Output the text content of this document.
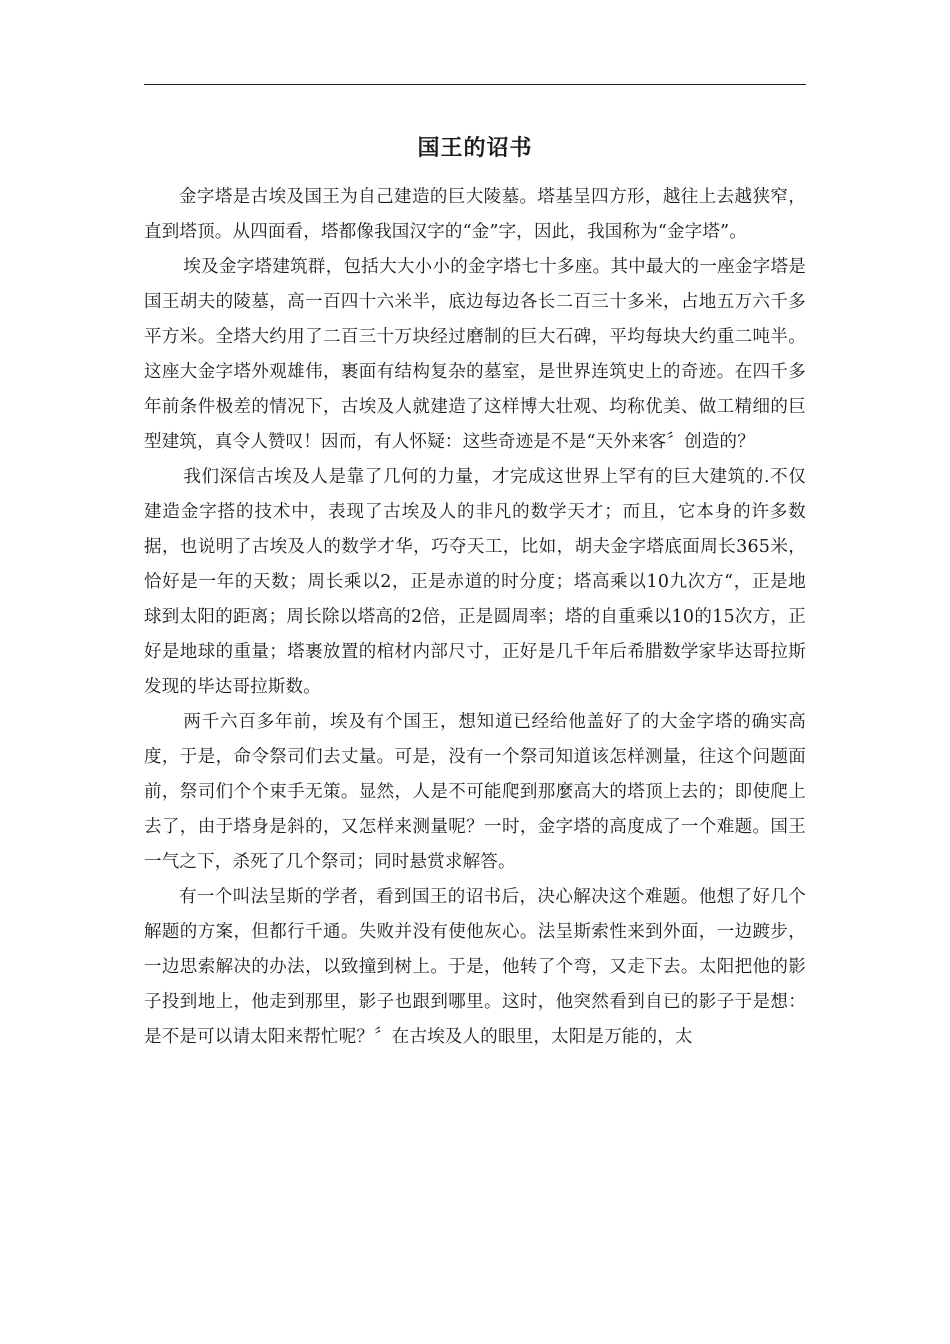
国王的诏书

金字塔是古埃及国王为自己建造的巨大陵墓。塔基呈四方形，越往上去越狭窄，直到塔顶。从四面看，塔都像我国汉字的“金”字，因此，我国称为“金字塔”。

埃及金字塔建筑群，包括大大小小的金字塔七十多座。其中最大的一座金字塔是国王胡夫的陵墓，高一百四十六米半，底边每边各长二百三十多米，占地五万六千多平方米。全塔大约用了二百三十万块经过磨制的巨大石碑，平均每块大约重二吨半。这座大金字塔外观雄伟，裹面有结构复杂的墓室，是世界连筑史上的奇迹。在四千多年前条件极差的情况下，古埃及人就建造了这样博大壮观、均称优美、做工精细的巨型建筑，真令人赞叹！因而，有人怀疑：这些奇迹是不是“天外来客〞创造的？

我们深信古埃及人是靠了几何的力量，才完成这世界上罕有的巨大建筑的.不仅建造金字搭的技术中，表现了古埃及人的非凡的数学天才；而且，它本身的许多数据，也说明了古埃及人的数学才华，巧夺天工，比如，胡夫金字塔底面周长365米，恰好是一年的天数；周长乘以2，正是赤道的时分度；塔高乘以10九次方“，正是地球到太阳的距离；周长除以塔高的2倍，正是圆周率；塔的自重乘以10的15次方，正好是地球的重量；塔裹放置的棺材内部尺寸，正好是几千年后希腊数学家毕达哥拉斯发现的毕达哥拉斯数。

两千六百多年前，埃及有个国王，想知道已经给他盖好了的大金字塔的确实高度，于是，命令祭司们去丈量。可是，没有一个祭司知道该怎样测量，往这个问题面前，祭司们个个束手无策。显然，人是不可能爬到那麼高大的塔顶上去的；即使爬上去了，由于塔身是斜的，又怎样来测量呢？一时，金字塔的高度成了一个难题。国王一气之下，杀死了几个祭司；同时悬赏求解答。

有一个叫法呈斯的学者，看到国王的诏书后，决心解决这个难题。他想了好几个解题的方案，但都行千通。失败并没有使他灰心。法呈斯索性来到外面，一边踱步，一边思索解决的办法，以致撞到树上。于是，他转了个弯，又走下去。太阳把他的影子投到地上，他走到那里，影子也跟到哪里。这时，他突然看到自已的影子于是想：是不是可以请太阳来帮忙呢？〞在古埃及人的眼里，太阳是万能的，太
